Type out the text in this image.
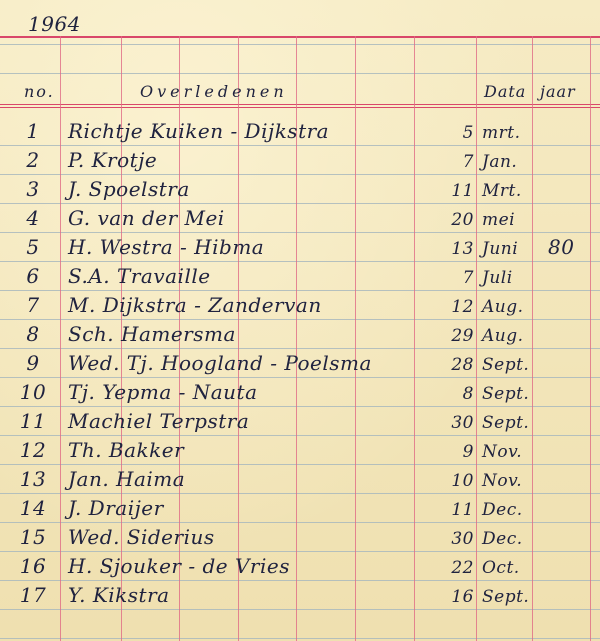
1964
no.	Overledenen	Data jaar
1	Richtje Kuiken - Dijkstra	5 mrt.
2	P. Krotje	7 Jan.
3	J. Spoelstra	11 Mrt.
4	G. van der Mei	20 mei
5	H. Westra - Hibma	13 Juni 80
6	S.A. Travaille	7 Juli
7	M. Dijkstra - Zandervan	12 Aug.
8	Sch. Hamersma	29 Aug.
9	Wed. Tj. Hoogland - Poelsma	28 Sept.
10 Tj. Yepma - Nauta	8 Sept.
11 Machiel Terpstra	30 Sept.
12 Th. Bakker	9 Nov.
13 Jan. Haima	10 Nov.
14 J. Draijer	11 Dec.
15 Wed. Siderius	30 Dec.
16 H. Sjouker - de Vries	22 Oct.
17 Y. Kikstra	16 Sept.
